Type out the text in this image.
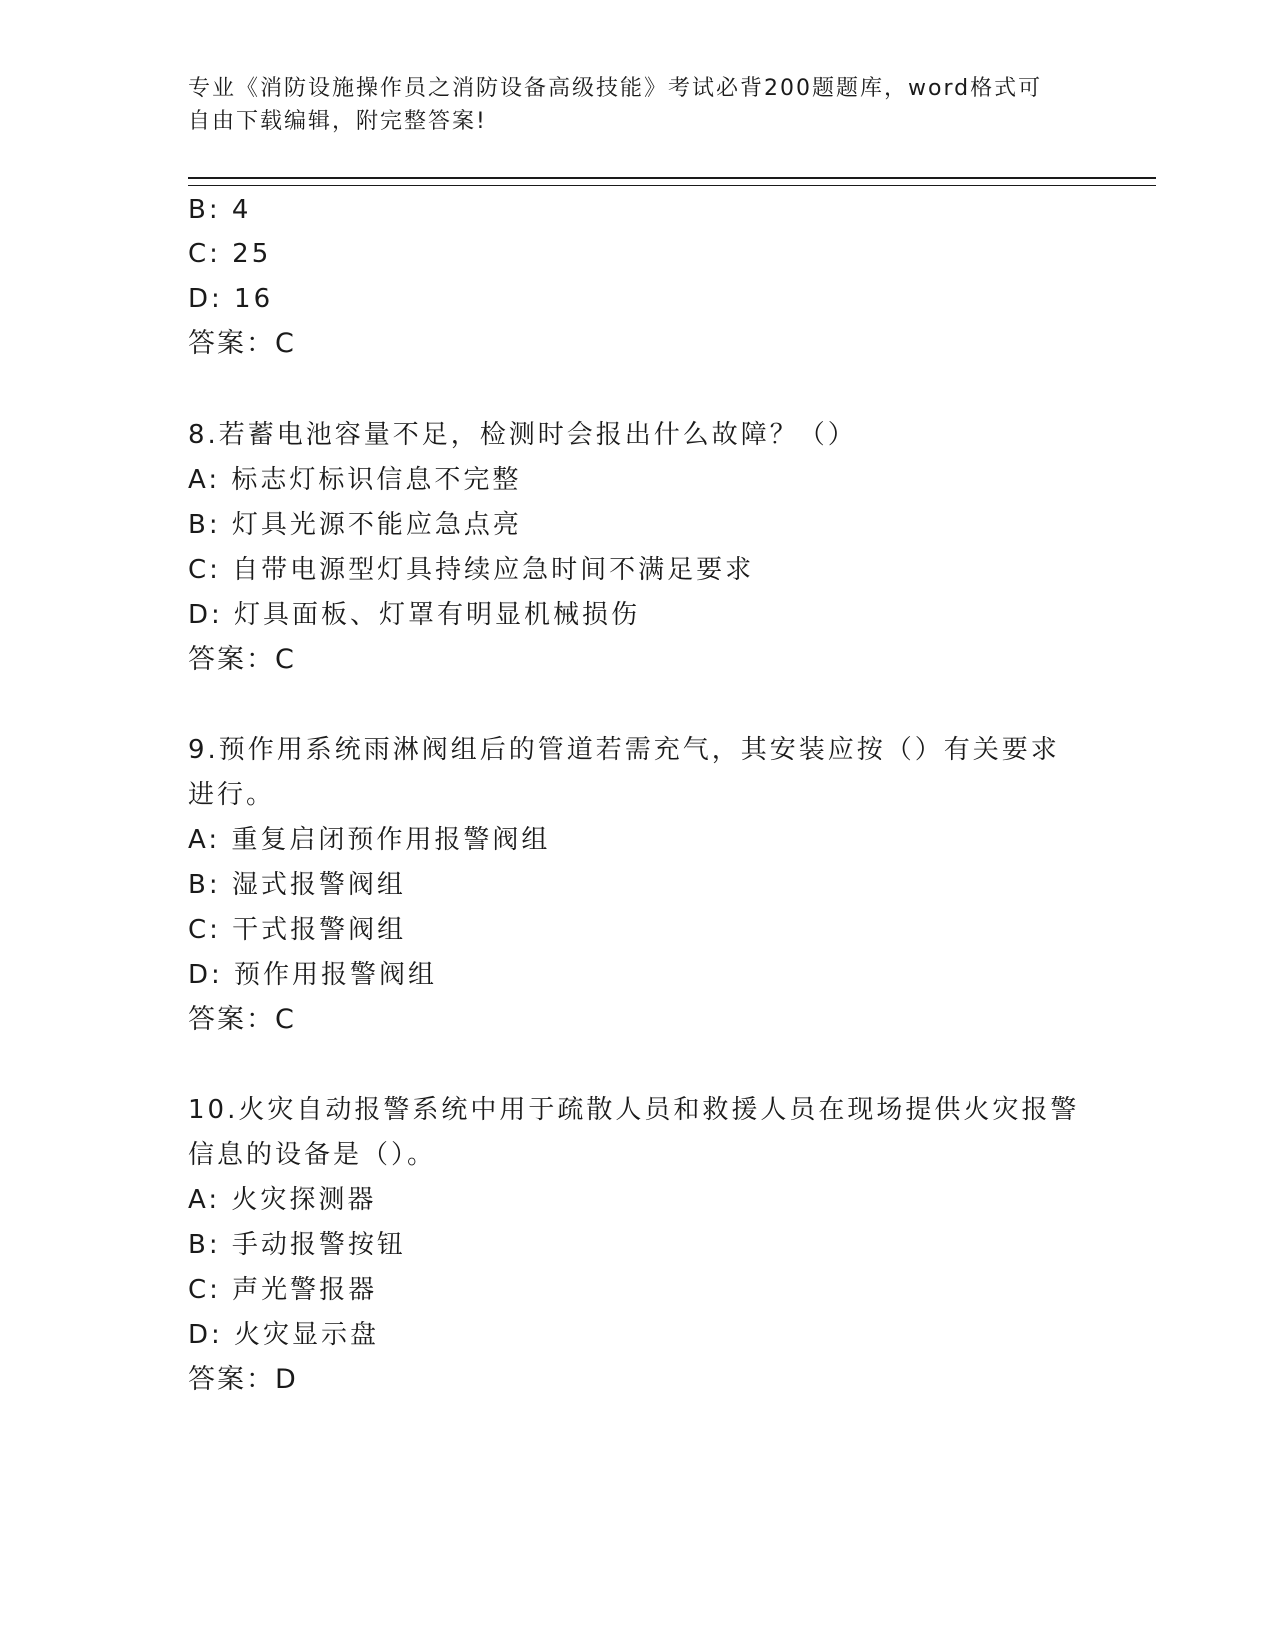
专业《消防设施操作员之消防设备高级技能》考试必背200题题库，word格式可
自由下载编辑，附完整答案!
B: 4
C: 25
D: 16
答案：C
8.若蓄电池容量不足，检测时会报出什么故障？（）
A: 标志灯标识信息不完整
B: 灯具光源不能应急点亮
C: 自带电源型灯具持续应急时间不满足要求
D: 灯具面板、灯罩有明显机械损伤
答案：C
9.预作用系统雨淋阀组后的管道若需充气，其安装应按（）有关要求
进行。
A: 重复启闭预作用报警阀组
B: 湿式报警阀组
C: 干式报警阀组
D: 预作用报警阀组
答案：C
10.火灾自动报警系统中用于疏散人员和救援人员在现场提供火灾报警
信息的设备是（）。
A: 火灾探测器
B: 手动报警按钮
C: 声光警报器
D: 火灾显示盘
答案：D
